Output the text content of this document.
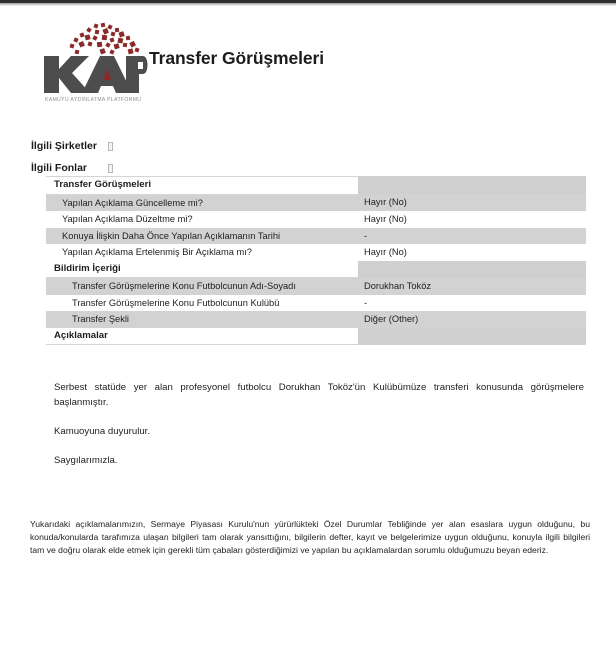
KAMUYU AYDINLATMA PLATFORMU
Transfer Görüşmeleri
İlgili Şirketler
İlgili Fonlar
Transfer Görüşmeleri	
Yapılan Açıklama Güncelleme mi?	Hayır (No)
Yapılan Açıklama Düzeltme mi?	Hayır (No)
Konuya İlişkin Daha Önce Yapılan Açıklamanın Tarihi	-
Yapılan Açıklama Ertelenmiş Bir Açıklama mı?	Hayır (No)
Bildirim İçeriği	
Transfer Görüşmelerine Konu Futbolcunun Adı-Soyadı	Dorukhan Toköz
Transfer Görüşmelerine Konu Futbolcunun Kulübü	-
Transfer Şekli	Diğer (Other)
Açıklamalar	

Serbest statüde yer alan profesyonel futbolcu Dorukhan Toköz'ün Kulübümüze transferi konusunda görüşmelere başlanmıştır.

Kamuoyuna duyurulur.

Saygılarımızla.

Yukarıdaki açıklamalarımızın, Sermaye Piyasası Kurulu'nun yürürlükteki Özel Durumlar Tebliğinde yer alan esaslara uygun olduğunu, bu konuda/konularda tarafımıza ulaşan bilgileri tam olarak yansıttığını, bilgilerin defter, kayıt ve belgelerimize uygun olduğunu, konuyla ilgili bilgileri tam ve doğru olarak elde etmek için gerekli tüm çabaları gösterdiğimizi ve yapılan bu açıklamalardan sorumlu olduğumuzu beyan ederiz.
